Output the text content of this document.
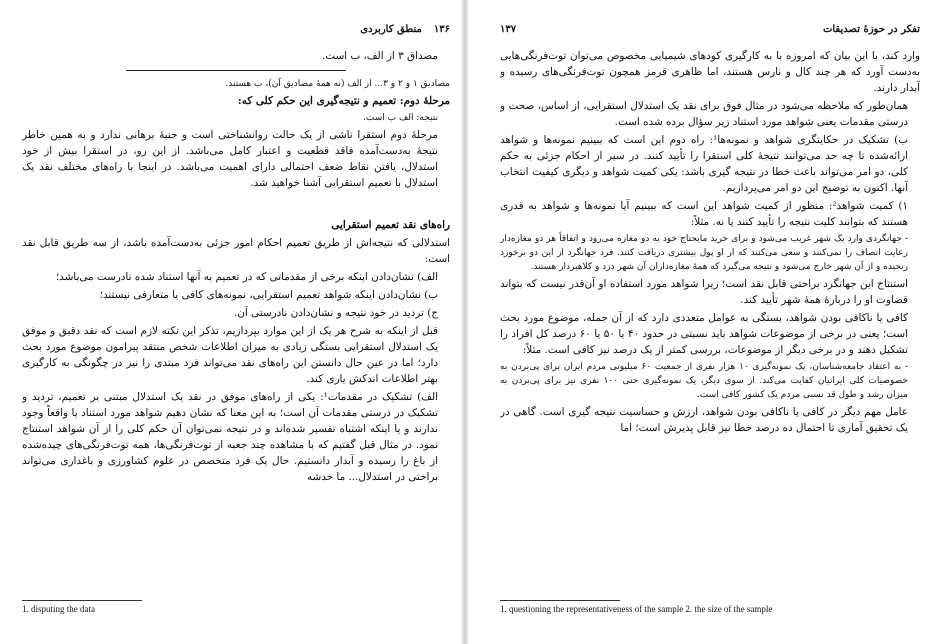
۱۳۶منطق کاربردی

مصداق ۳ از الف، ب است.

مصادیق ۱ و ۲ و ۳... از الف (نه همهٔ مصادیق آن)، ب هستند.

مرحلهٔ دوم: تعمیم و نتیجه‌گیری این حکم کلی که:

نتیجه: الف ب است.

مرحلهٔ دوم استقرا ناشی از یک حالت روانشناختی است و جنبهٔ برهانی ندارد و به همین خاطر نتیجهٔ به‌دست‌آمده فاقد قطعیت و اعتبار کامل می‌باشد. از این رو، در استقرا بیش از خود استدلال، یافتن نقاط ضعف احتمالی دارای اهمیت می‌باشد. در اینجا با راه‌های مختلف نقد یک استدلال با تعمیم استقرایی آشنا خواهید شد.

راه‌های نقد تعمیم استقرایی

استدلالی که نتیجه‌اش از طریق تعمیم احکام امور جزئی به‌دست‌آمده باشد، از سه طریق قابل نقد است:

الف) نشان‌دادن اینکه برخی از مقدماتی که در تعمیم به آنها استناد شده نادرست می‌باشد؛

ب) نشان‌دادن اینکه شواهد تعمیم استقرایی، نمونه‌های کافی یا متعارفی نیستند؛

ج) تردید در خود نتیجه و نشان‌دادن نادرستی آن.

قبل از اینکه به شرح هر یک از این موارد بپردازیم، تذکر این نکته لازم است که نقد دقیق و موفق یک استدلال استقرایی بستگی زیادی به میزان اطلاعات شخص منتقد پیرامون موضوع مورد بحث دارد؛ اما در عین حال دانستن این راه‌های نقد می‌تواند فرد مبتدی را نیز در چگونگی به کارگیری بهتر اطلاعات اندکش یاری کند.

الف) تشکیک در مقدمات¹: یکی از راه‌های موفق در نقد یک استدلال مبتنی بر تعمیم، تردید و تشکیک در درستی مقدمات آن است؛ به این معنا که نشان دهیم شواهد مورد استناد یا واقعاً وجود ندارند و یا اینکه اشتباه تفسیر شده‌اند و در نتیجه نمی‌توان آن حکم کلی را از آن شواهد استنتاج نمود. در مثال قبل گفتیم که با مشاهده چند جعبه از توت‌فرنگی‌ها، همه توت‌فرنگی‌های چیده‌شده از باغ را رسیده و آبدار دانستیم. حال یک فرد متخصص در علوم کشاورزی و باغداری می‌تواند براحتی در استدلال... ما خدشه

1. disputing the data
تفکر در حوزهٔ تصدیقات
۱۳۷

وارد کند، با این بیان که امروزه با به کارگیری کودهای شیمیایی مخصوص می‌توان توت‌فرنگی‌هایی به‌دست آورد که هر چند کال و نارس هستند، اما ظاهری قرمز همچون توت‌فرنگی‌های رسیده و آبدار دارند.

همان‌طور که ملاحظه می‌شود در مثال فوق برای نقد یک استدلال استقرایی، از اساس، صحت و درستی مقدمات یعنی شواهد مورد استناد زیر سؤال برده شده است.

ب) تشکیک در حکایتگری شواهد و نمونه‌ها¹: راه دوم این است که ببینیم نمونه‌ها و شواهد ارائه‌شده تا چه حد می‌توانند نتیجهٔ کلی استقرا را تأیید کنند. در سیر از احکام جزئی به حکم کلی، دو امر می‌تواند باعث خطا در نتیجه گیری باشد: یکی کمیت شواهد و دیگری کیفیت انتخاب آنها. اکنون به توضیح این دو امر می‌پردازیم.

۱) کمیت شواهد²: منظور از کمیت شواهد این است که ببینیم آیا نمونه‌ها و شواهد به قدری هستند که بتوانند کلیت نتیجه را تأیید کنند یا نه. مثلاً:

- جهانگردی وارد یک شهر غریب می‌شود و برای خرید مایحتاج خود به دو مغازه می‌رود و اتفاقاً هر دو مغازه‌دار رعایت انصاف را نمی‌کنند و سعی می‌کنند که از او پول بیشتری دریافت کنند. فرد جهانگرد از این دو برخورد رنجیده و از آن شهر خارج می‌شود و نتیجه می‌گیرد که همهٔ مغازه‌داران آن شهر دزد و کلاهبردار هستند.

استنتاج این جهانگرد براحتی قابل نقد است؛ زیرا شواهد مورد استفاده او آن‌قدر نیست که بتواند قضاوت او را دربارهٔ همهٔ شهر تأیید کند.

کافی یا ناکافی بودن شواهد، بستگی به عوامل متعددی دارد که از آن جمله، موضوع مورد بحث است؛ یعنی در برخی از موضوعات شواهد باید نسبتی در حدود ۴۰ یا ۵۰ یا ۶۰ درصد کل افراد را تشکیل دهند و در برخی دیگر از موضوعات، بررسی کمتر از یک درصد نیز کافی است. مثلاً:

- به اعتقاد جامعه‌شناسان، یک نمونه‌گیری ۱۰ هزار نفری از جمعیت ۶۰ میلیونی مردم ایران برای پی‌بردن به خصوصیات کلی ایرانیان کفایت می‌کند. از سوی دیگر، یک نمونه‌گیری حتی ۱۰۰ نفری نیز برای پی‌بردن به میزان رشد و طول قد نسبی مردم یک کشور کافی است.

عامل مهم دیگر در کافی یا ناکافی بودن شواهد، ارزش و حساسیت نتیجه گیری است. گاهی در یک تحقیق آماری تا احتمال ده درصد خطا نیز قابل پذیرش است؛ اما

1. questioning the representativeness of the sample 2. the size of the sample
